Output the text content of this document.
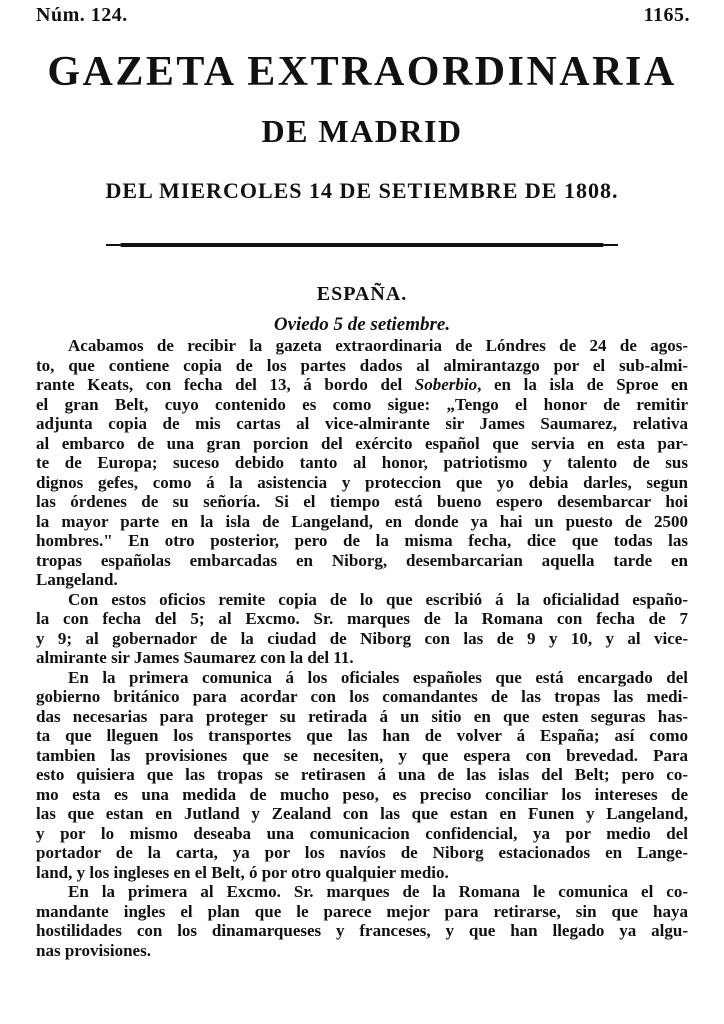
Núm. 124.	1165.
GAZETA EXTRAORDINARIA
DE MADRID
DEL MIERCOLES 14 DE SETIEMBRE DE 1808.
ESPAÑA.
Oviedo 5 de setiembre.

Acabamos de recibir la gazeta extraordinaria de Lóndres de 24 de agos-
to, que contiene copia de los partes dados al almirantazgo por el sub-almi-
rante Keats, con fecha del 13, á bordo del Soberbio, en la isla de Sproe en
el gran Belt, cuyo contenido es como sigue: „Tengo el honor de remitir
adjunta copia de mis cartas al vice-almirante sir James Saumarez, relativa
al embarco de una gran porcion del exército español que servia en esta par-
te de Europa; suceso debido tanto al honor, patriotismo y talento de sus
dignos gefes, como á la asistencia y proteccion que yo debia darles, segun
las órdenes de su señoría. Si el tiempo está bueno espero desembarcar hoi
la mayor parte en la isla de Langeland, en donde ya hai un puesto de 2500
hombres." En otro posterior, pero de la misma fecha, dice que todas las
tropas españolas embarcadas en Niborg, desembarcarian aquella tarde en
Langeland.

Con estos oficios remite copia de lo que escribió á la oficialidad españo-
la con fecha del 5; al Excmo. Sr. marques de la Romana con fecha de 7
y 9; al gobernador de la ciudad de Niborg con las de 9 y 10, y al vice-
almirante sir James Saumarez con la del 11.

En la primera comunica á los oficiales españoles que está encargado del
gobierno británico para acordar con los comandantes de las tropas las medi-
das necesarias para proteger su retirada á un sitio en que esten seguras has-
ta que lleguen los transportes que las han de volver á España; así como
tambien las provisiones que se necesiten, y que espera con brevedad. Para
esto quisiera que las tropas se retirasen á una de las islas del Belt; pero co-
mo esta es una medida de mucho peso, es preciso conciliar los intereses de
las que estan en Jutland y Zealand con las que estan en Funen y Langeland,
y por lo mismo deseaba una comunicacion confidencial, ya por medio del
portador de la carta, ya por los navíos de Niborg estacionados en Lange-
land, y los ingleses en el Belt, ó por otro qualquier medio.

En la primera al Excmo. Sr. marques de la Romana le comunica el co-
mandante ingles el plan que le parece mejor para retirarse, sin que haya
hostilidades con los dinamarqueses y franceses, y que han llegado ya algu-
nas provisiones.
